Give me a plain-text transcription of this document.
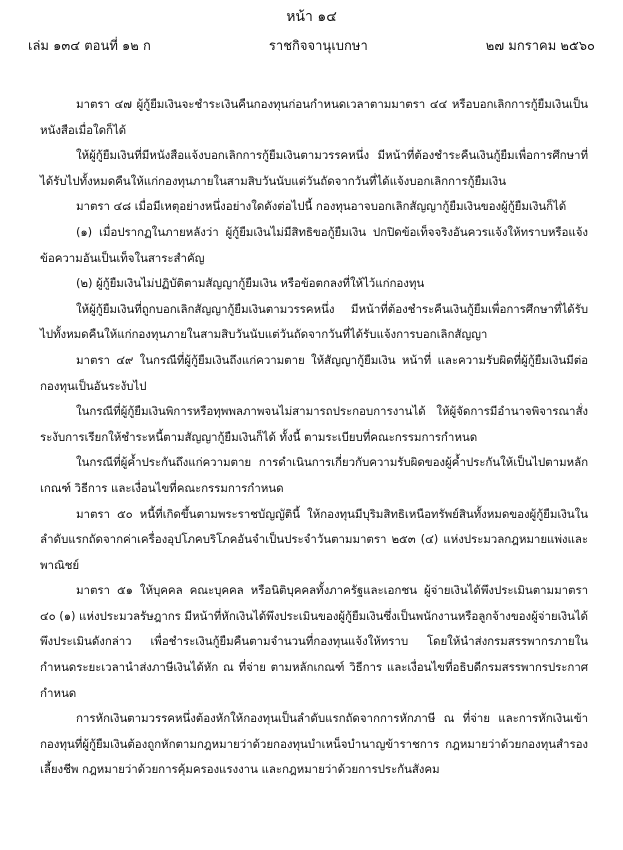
หน้า ๑๔
เล่ม ๑๓๔ ตอนที่ ๑๒ ก	ราชกิจจานุเบกษา	๒๗ มกราคม ๒๕๖๐

มาตรา ๔๗ ผู้กู้ยืมเงินจะชำระเงินคืนกองทุนก่อนกำหนดเวลาตามมาตรา ๔๔ หรือบอกเลิกการกู้ยืมเงินเป็นหนังสือเมื่อใดก็ได้

ให้ผู้กู้ยืมเงินที่มีหนังสือแจ้งบอกเลิกการกู้ยืมเงินตามวรรคหนึ่ง มีหน้าที่ต้องชำระคืนเงินกู้ยืมเพื่อการศึกษาที่ได้รับไปทั้งหมดคืนให้แก่กองทุนภายในสามสิบวันนับแต่วันถัดจากวันที่ได้แจ้งบอกเลิกการกู้ยืมเงิน

มาตรา ๔๘ เมื่อมีเหตุอย่างหนึ่งอย่างใดดังต่อไปนี้ กองทุนอาจบอกเลิกสัญญากู้ยืมเงินของผู้กู้ยืมเงินก็ได้

(๑) เมื่อปรากฏในภายหลังว่า ผู้กู้ยืมเงินไม่มีสิทธิขอกู้ยืมเงิน ปกปิดข้อเท็จจริงอันควรแจ้งให้ทราบหรือแจ้งข้อความอันเป็นเท็จในสาระสำคัญ

(๒) ผู้กู้ยืมเงินไม่ปฏิบัติตามสัญญากู้ยืมเงิน หรือข้อตกลงที่ให้ไว้แก่กองทุน

ให้ผู้กู้ยืมเงินที่ถูกบอกเลิกสัญญากู้ยืมเงินตามวรรคหนึ่ง มีหน้าที่ต้องชำระคืนเงินกู้ยืมเพื่อการศึกษาที่ได้รับไปทั้งหมดคืนให้แก่กองทุนภายในสามสิบวันนับแต่วันถัดจากวันที่ได้รับแจ้งการบอกเลิกสัญญา

มาตรา ๔๙ ในกรณีที่ผู้กู้ยืมเงินถึงแก่ความตาย ให้สัญญากู้ยืมเงิน หน้าที่ และความรับผิดที่ผู้กู้ยืมเงินมีต่อกองทุนเป็นอันระงับไป

ในกรณีที่ผู้กู้ยืมเงินพิการหรือทุพพลภาพจนไม่สามารถประกอบการงานได้ ให้ผู้จัดการมีอำนาจพิจารณาสั่งระงับการเรียกให้ชำระหนี้ตามสัญญากู้ยืมเงินก็ได้ ทั้งนี้ ตามระเบียบที่คณะกรรมการกำหนด

ในกรณีที่ผู้ค้ำประกันถึงแก่ความตาย การดำเนินการเกี่ยวกับความรับผิดของผู้ค้ำประกันให้เป็นไปตามหลักเกณฑ์ วิธีการ และเงื่อนไขที่คณะกรรมการกำหนด

มาตรา ๕๐ หนี้ที่เกิดขึ้นตามพระราชบัญญัตินี้ ให้กองทุนมีบุริมสิทธิเหนือทรัพย์สินทั้งหมดของผู้กู้ยืมเงินในลำดับแรกถัดจากค่าเครื่องอุปโภคบริโภคอันจำเป็นประจำวันตามมาตรา ๒๕๓ (๔) แห่งประมวลกฎหมายแพ่งและพาณิชย์

มาตรา ๕๑ ให้บุคคล คณะบุคคล หรือนิติบุคคลทั้งภาครัฐและเอกชน ผู้จ่ายเงินได้พึงประเมินตามมาตรา ๔๐ (๑) แห่งประมวลรัษฎากร มีหน้าที่หักเงินได้พึงประเมินของผู้กู้ยืมเงินซึ่งเป็นพนักงานหรือลูกจ้างของผู้จ่ายเงินได้พึงประเมินดังกล่าว เพื่อชำระเงินกู้ยืมคืนตามจำนวนที่กองทุนแจ้งให้ทราบ โดยให้นำส่งกรมสรรพากรภายในกำหนดระยะเวลานำส่งภาษีเงินได้หัก ณ ที่จ่าย ตามหลักเกณฑ์ วิธีการ และเงื่อนไขที่อธิบดีกรมสรรพากรประกาศกำหนด

การหักเงินตามวรรคหนึ่งต้องหักให้กองทุนเป็นลำดับแรกถัดจากการหักภาษี ณ ที่จ่าย และการหักเงินเข้ากองทุนที่ผู้กู้ยืมเงินต้องถูกหักตามกฎหมายว่าด้วยกองทุนบำเหน็จบำนาญข้าราชการ กฎหมายว่าด้วยกองทุนสำรองเลี้ยงชีพ กฎหมายว่าด้วยการคุ้มครองแรงงาน และกฎหมายว่าด้วยการประกันสังคม
